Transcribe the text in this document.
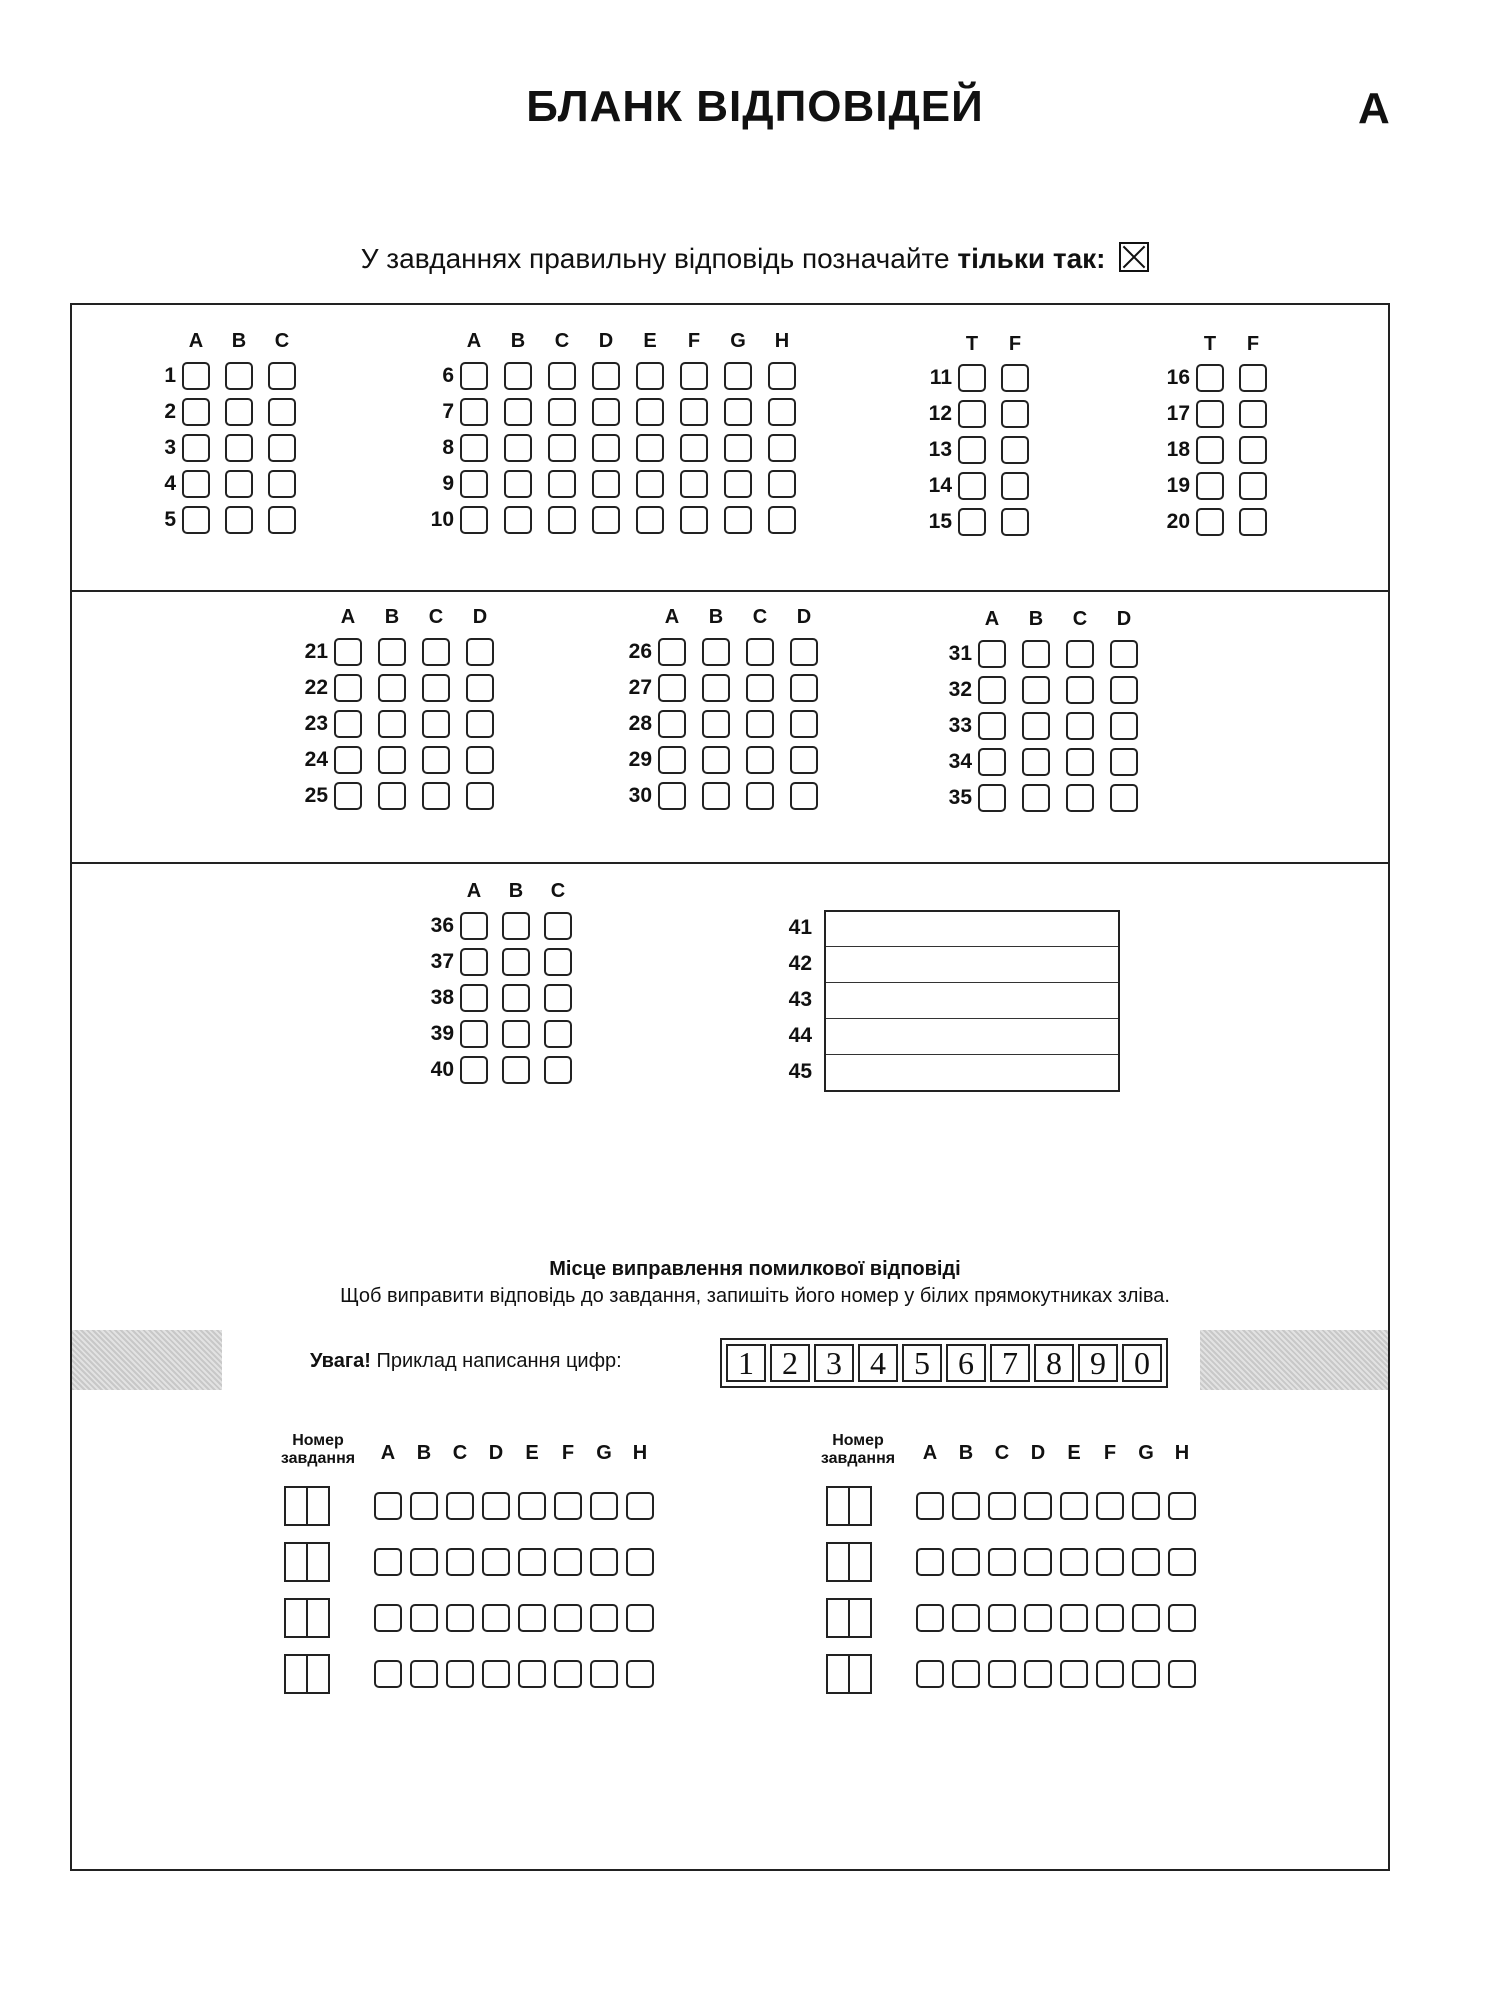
БЛАНК ВІДПОВІДЕЙ	A
У завданнях правильну відповідь позначайте тільки так:
Місце виправлення помилкової відповіді
Щоб виправити відповідь до завдання, запишіть його номер у білих прямокутниках зліва.
Увага! Приклад написання цифр:	1 2 3 4 5 6 7 8 9 0
Номер
завдання
Номер
завдання
A	B	C
1
2
3
4
5
A	B	C	D	E	F	G	H
6
7
8
9
10
T	F
11
12
13
14
15
T	F
16
17
18
19
20
A	B	C	D
21
22
23
24
25
A	B	C	D
26
27
28
29
30
A	B	C	D
31
32
33
34
35
A	B	C
36
37
38
39
40
41
42
43
44
45
A	B	C	D	E	F	G	H	A	B	C	D	E	F	G	H
